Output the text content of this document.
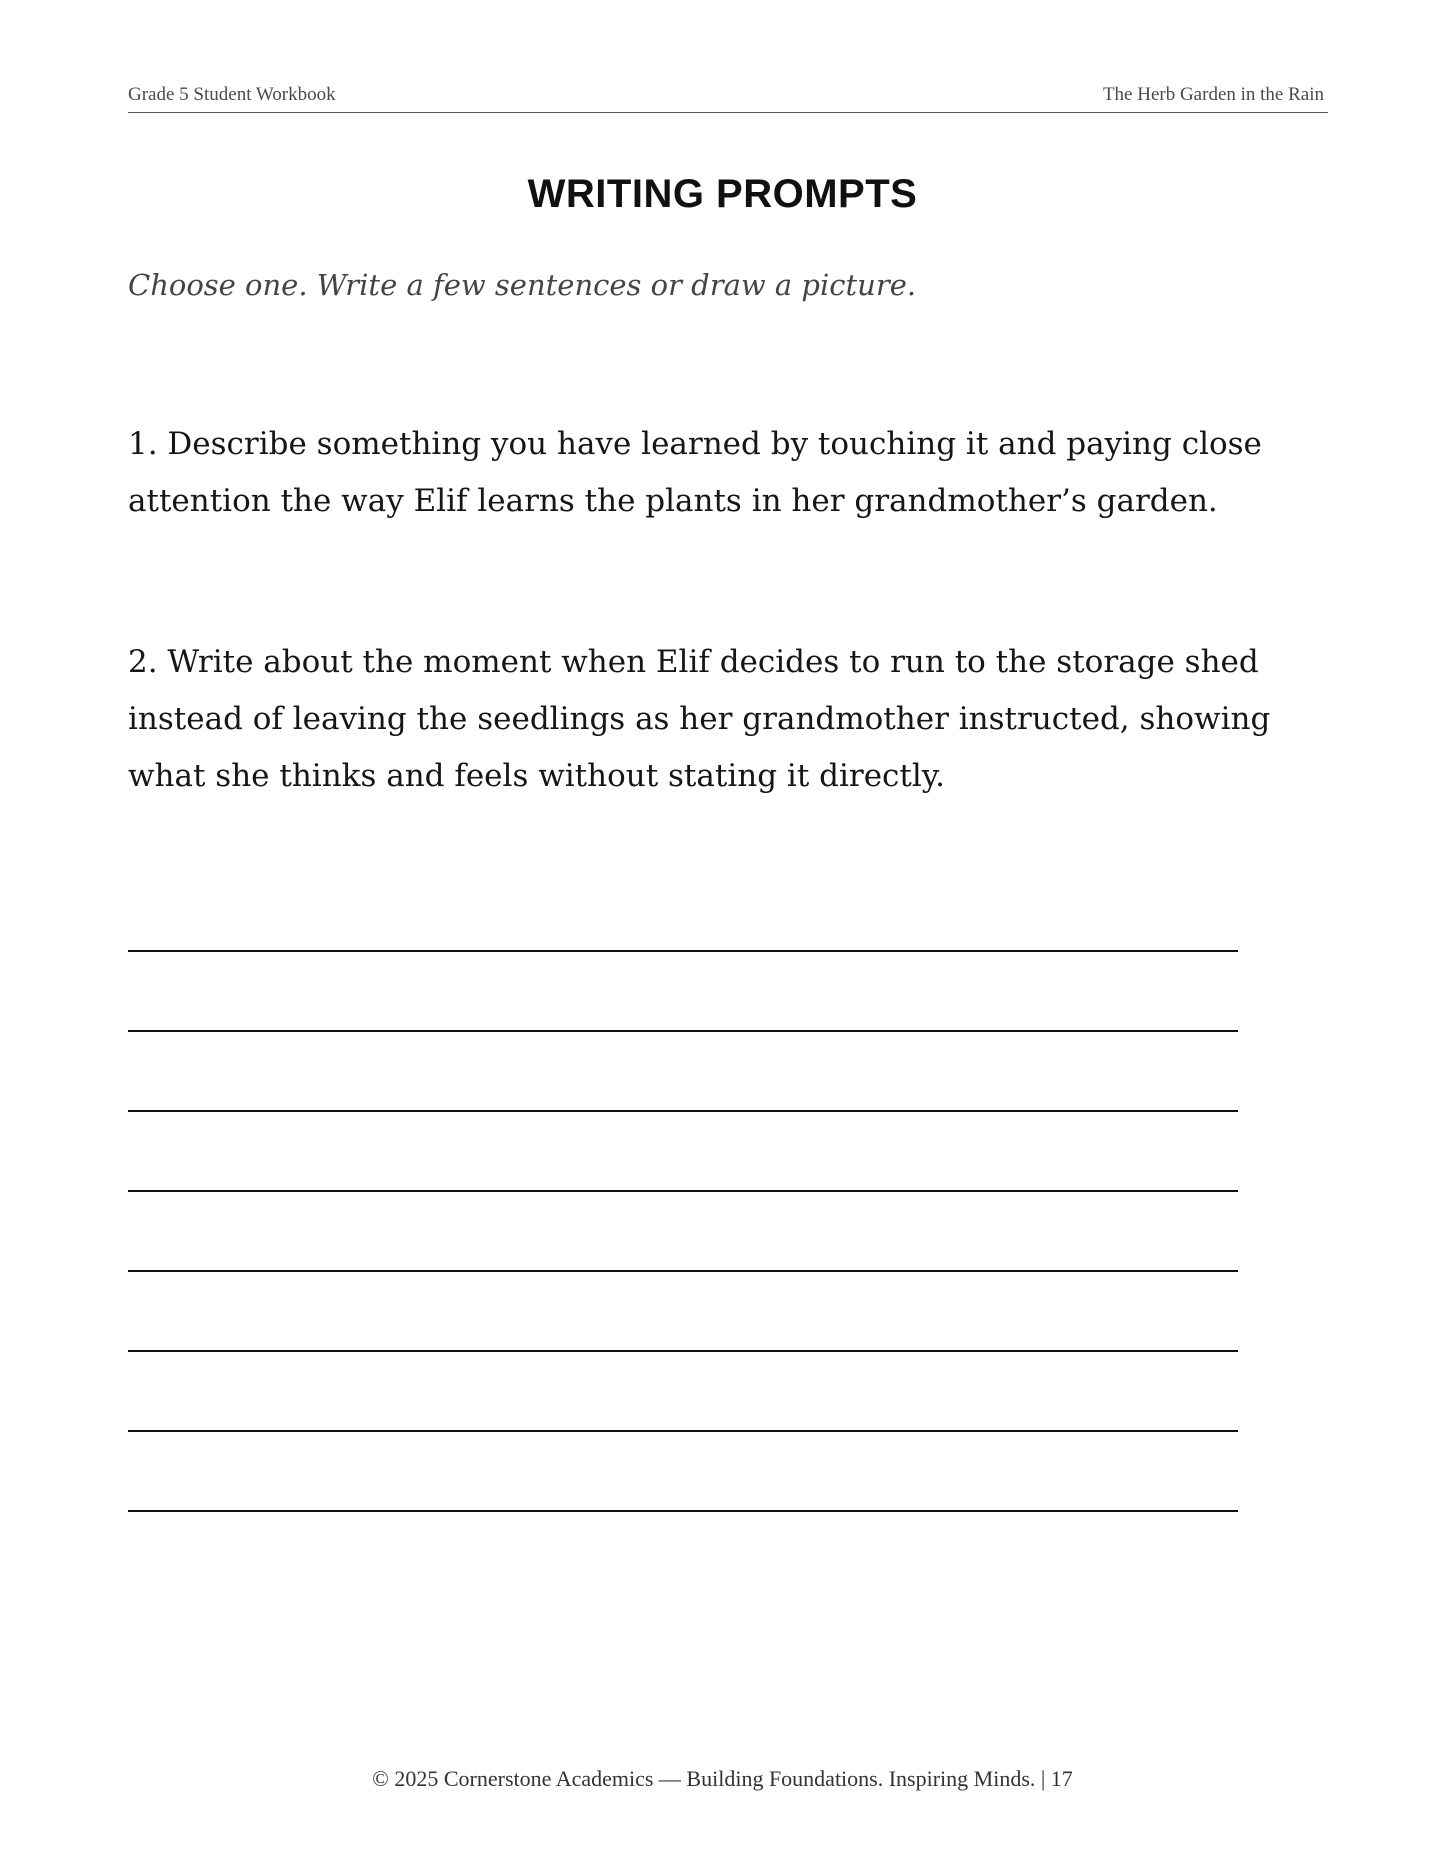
Grade 5 Student Workbook	The Herb Garden in the Rain
WRITING PROMPTS
Choose one. Write a few sentences or draw a picture.
1. Describe something you have learned by touching it and paying close attention the way Elif learns the plants in her grandmother’s garden.
2. Write about the moment when Elif decides to run to the storage shed instead of leaving the seedlings as her grandmother instructed, showing what she thinks and feels without stating it directly.
© 2025 Cornerstone Academics — Building Foundations. Inspiring Minds. | 17
